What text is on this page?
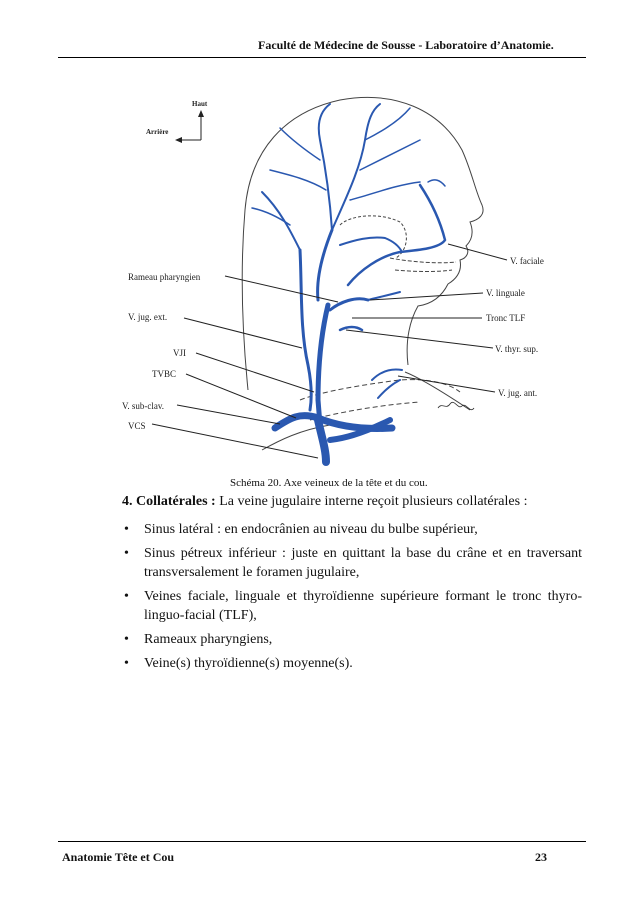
Faculté de Médecine de Sousse - Laboratoire d’Anatomie.
Haut
Arrière
Rameau pharyngien
V. jug. ext.
VJI
TVBC
V. sub-clav.
VCS
V. faciale
V. linguale
Tronc TLF
V. thyr. sup.
V. jug. ant.
Schéma 20. Axe veineux de la tête et du cou.
4. Collatérales : La veine jugulaire interne reçoit plusieurs collatérales :
• Sinus latéral : en endocrânien au niveau du bulbe supérieur,
• Sinus pétreux inférieur : juste en quittant la base du crâne et en traversant transversalement le foramen jugulaire,
• Veines faciale, linguale et thyroïdienne supérieure formant le tronc thyro-linguo-facial (TLF),
• Rameaux pharyngiens,
• Veine(s) thyroïdienne(s) moyenne(s).
Anatomie Tête et Cou	23
